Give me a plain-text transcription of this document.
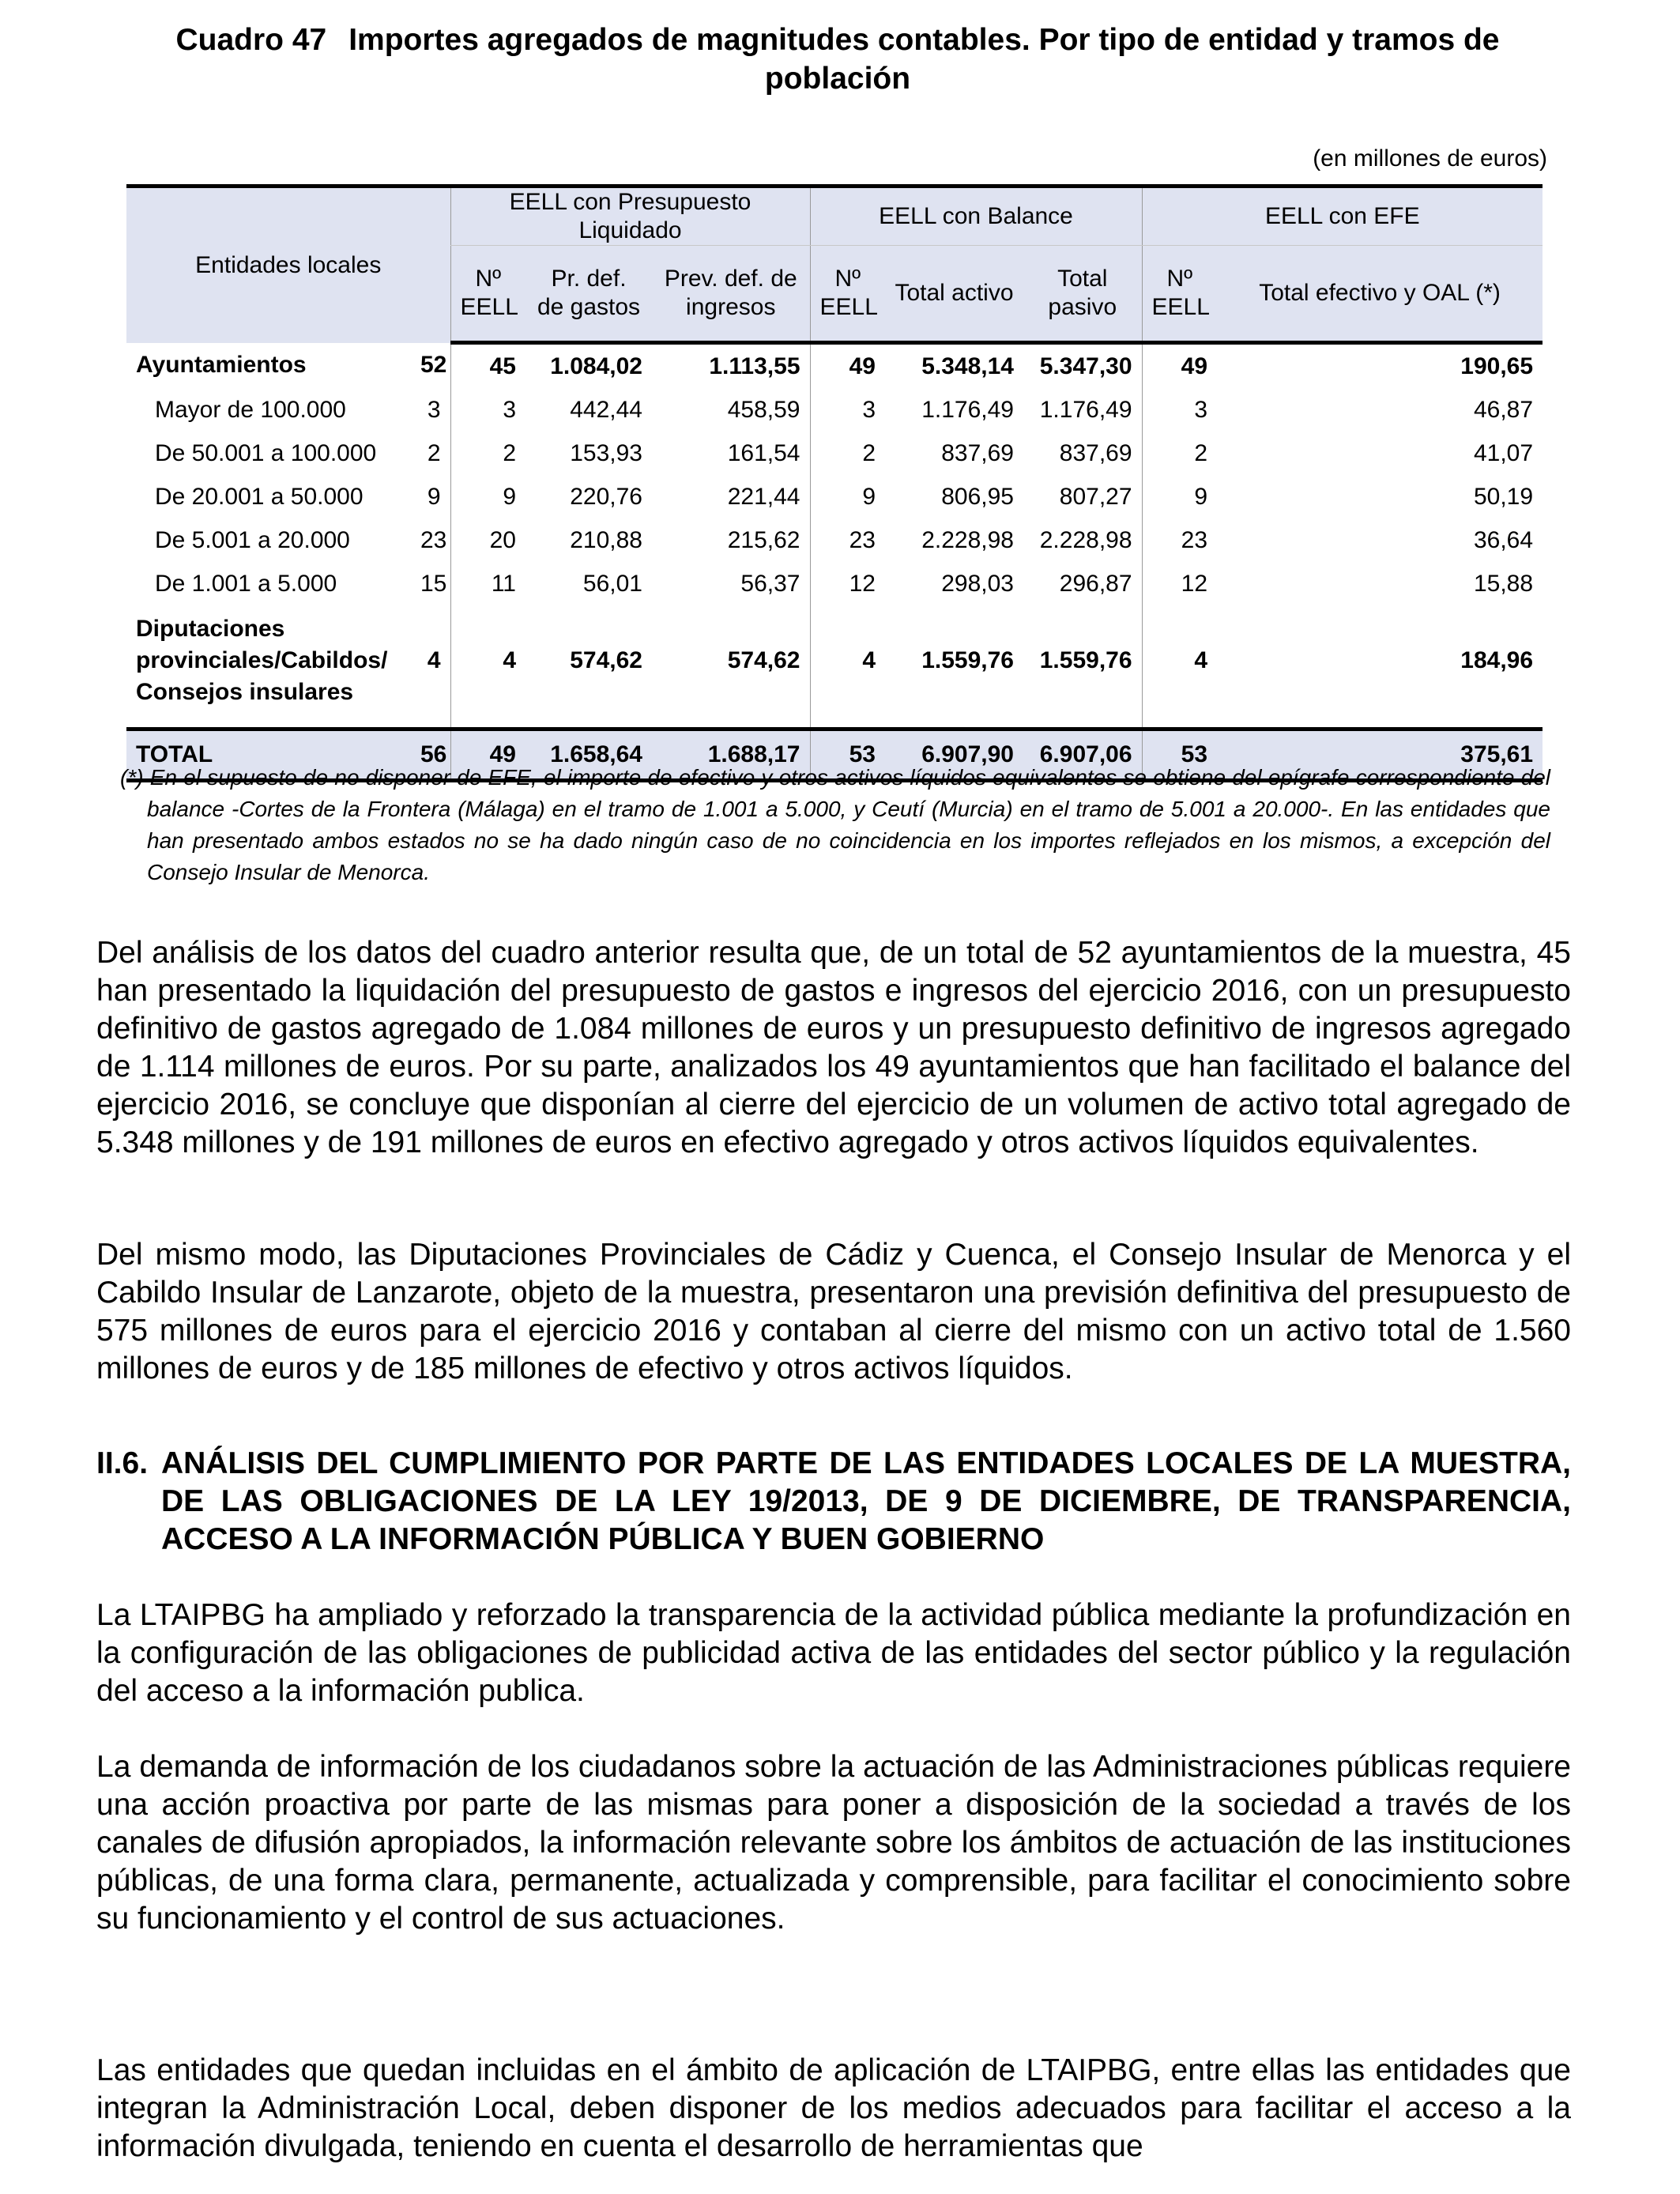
Cuadro 47 Importes agregados de magnitudes contables. Por tipo de entidad y tramos de población
(en millones de euros)
Entidades locales		EELL con Presupuesto Liquidado			EELL con Balance			EELL con EFE	
		Nº EELL	Pr. def. de gastos	Prev. def. de ingresos	Nº EELL	Total activo	Total pasivo	Nº EELL	Total efectivo y OAL (*)
Ayuntamientos	52	45	1.084,02	1.113,55	49	5.348,14	5.347,30	49	190,65
Mayor de 100.000	3	3	442,44	458,59	3	1.176,49	1.176,49	3	46,87
De 50.001 a 100.000	2	2	153,93	161,54	2	837,69	837,69	2	41,07
De 20.001 a 50.000	9	9	220,76	221,44	9	806,95	807,27	9	50,19
De 5.001 a 20.000	23	20	210,88	215,62	23	2.228,98	2.228,98	23	36,64
De 1.001 a 5.000	15	11	56,01	56,37	12	298,03	296,87	12	15,88
Diputaciones provinciales/Cabildos/ Consejos insulares	4	4	574,62	574,62	4	1.559,76	1.559,76	4	184,96

TOTAL	56	49	1.658,64	1.688,17	53	6.907,90	6.907,06	53	375,61
(*) En el supuesto de no disponer de EFE, el importe de efectivo y otros activos líquidos equivalentes se obtiene del epígrafe correspondiente del balance -Cortes de la Frontera (Málaga) en el tramo de 1.001 a 5.000, y Ceutí (Murcia) en el tramo de 5.001 a 20.000-. En las entidades que han presentado ambos estados no se ha dado ningún caso de no coincidencia en los importes reflejados en los mismos, a excepción del Consejo Insular de Menorca.

Del análisis de los datos del cuadro anterior resulta que, de un total de 52 ayuntamientos de la muestra, 45 han presentado la liquidación del presupuesto de gastos e ingresos del ejercicio 2016, con un presupuesto definitivo de gastos agregado de 1.084 millones de euros y un presupuesto definitivo de ingresos agregado de 1.114 millones de euros. Por su parte, analizados los 49 ayuntamientos que han facilitado el balance del ejercicio 2016, se concluye que disponían al cierre del ejercicio de un volumen de activo total agregado de 5.348 millones y de 191 millones de euros en efectivo agregado y otros activos líquidos equivalentes.

Del mismo modo, las Diputaciones Provinciales de Cádiz y Cuenca, el Consejo Insular de Menorca y el Cabildo Insular de Lanzarote, objeto de la muestra, presentaron una previsión definitiva del presupuesto de 575 millones de euros para el ejercicio 2016 y contaban al cierre del mismo con un activo total de 1.560 millones de euros y de 185 millones de efectivo y otros activos líquidos.

II.6. ANÁLISIS DEL CUMPLIMIENTO POR PARTE DE LAS ENTIDADES LOCALES DE LA MUESTRA, DE LAS OBLIGACIONES DE LA LEY 19/2013, DE 9 DE DICIEMBRE, DE TRANSPARENCIA, ACCESO A LA INFORMACIÓN PÚBLICA Y BUEN GOBIERNO

La LTAIPBG ha ampliado y reforzado la transparencia de la actividad pública mediante la profundización en la configuración de las obligaciones de publicidad activa de las entidades del sector público y la regulación del acceso a la información publica.

La demanda de información de los ciudadanos sobre la actuación de las Administraciones públicas requiere una acción proactiva por parte de las mismas para poner a disposición de la sociedad a través de los canales de difusión apropiados, la información relevante sobre los ámbitos de actuación de las instituciones públicas, de una forma clara, permanente, actualizada y comprensible, para facilitar el conocimiento sobre su funcionamiento y el control de sus actuaciones.

Las entidades que quedan incluidas en el ámbito de aplicación de LTAIPBG, entre ellas las entidades que integran la Administración Local, deben disponer de los medios adecuados para facilitar el acceso a la información divulgada, teniendo en cuenta el desarrollo de herramientas que
